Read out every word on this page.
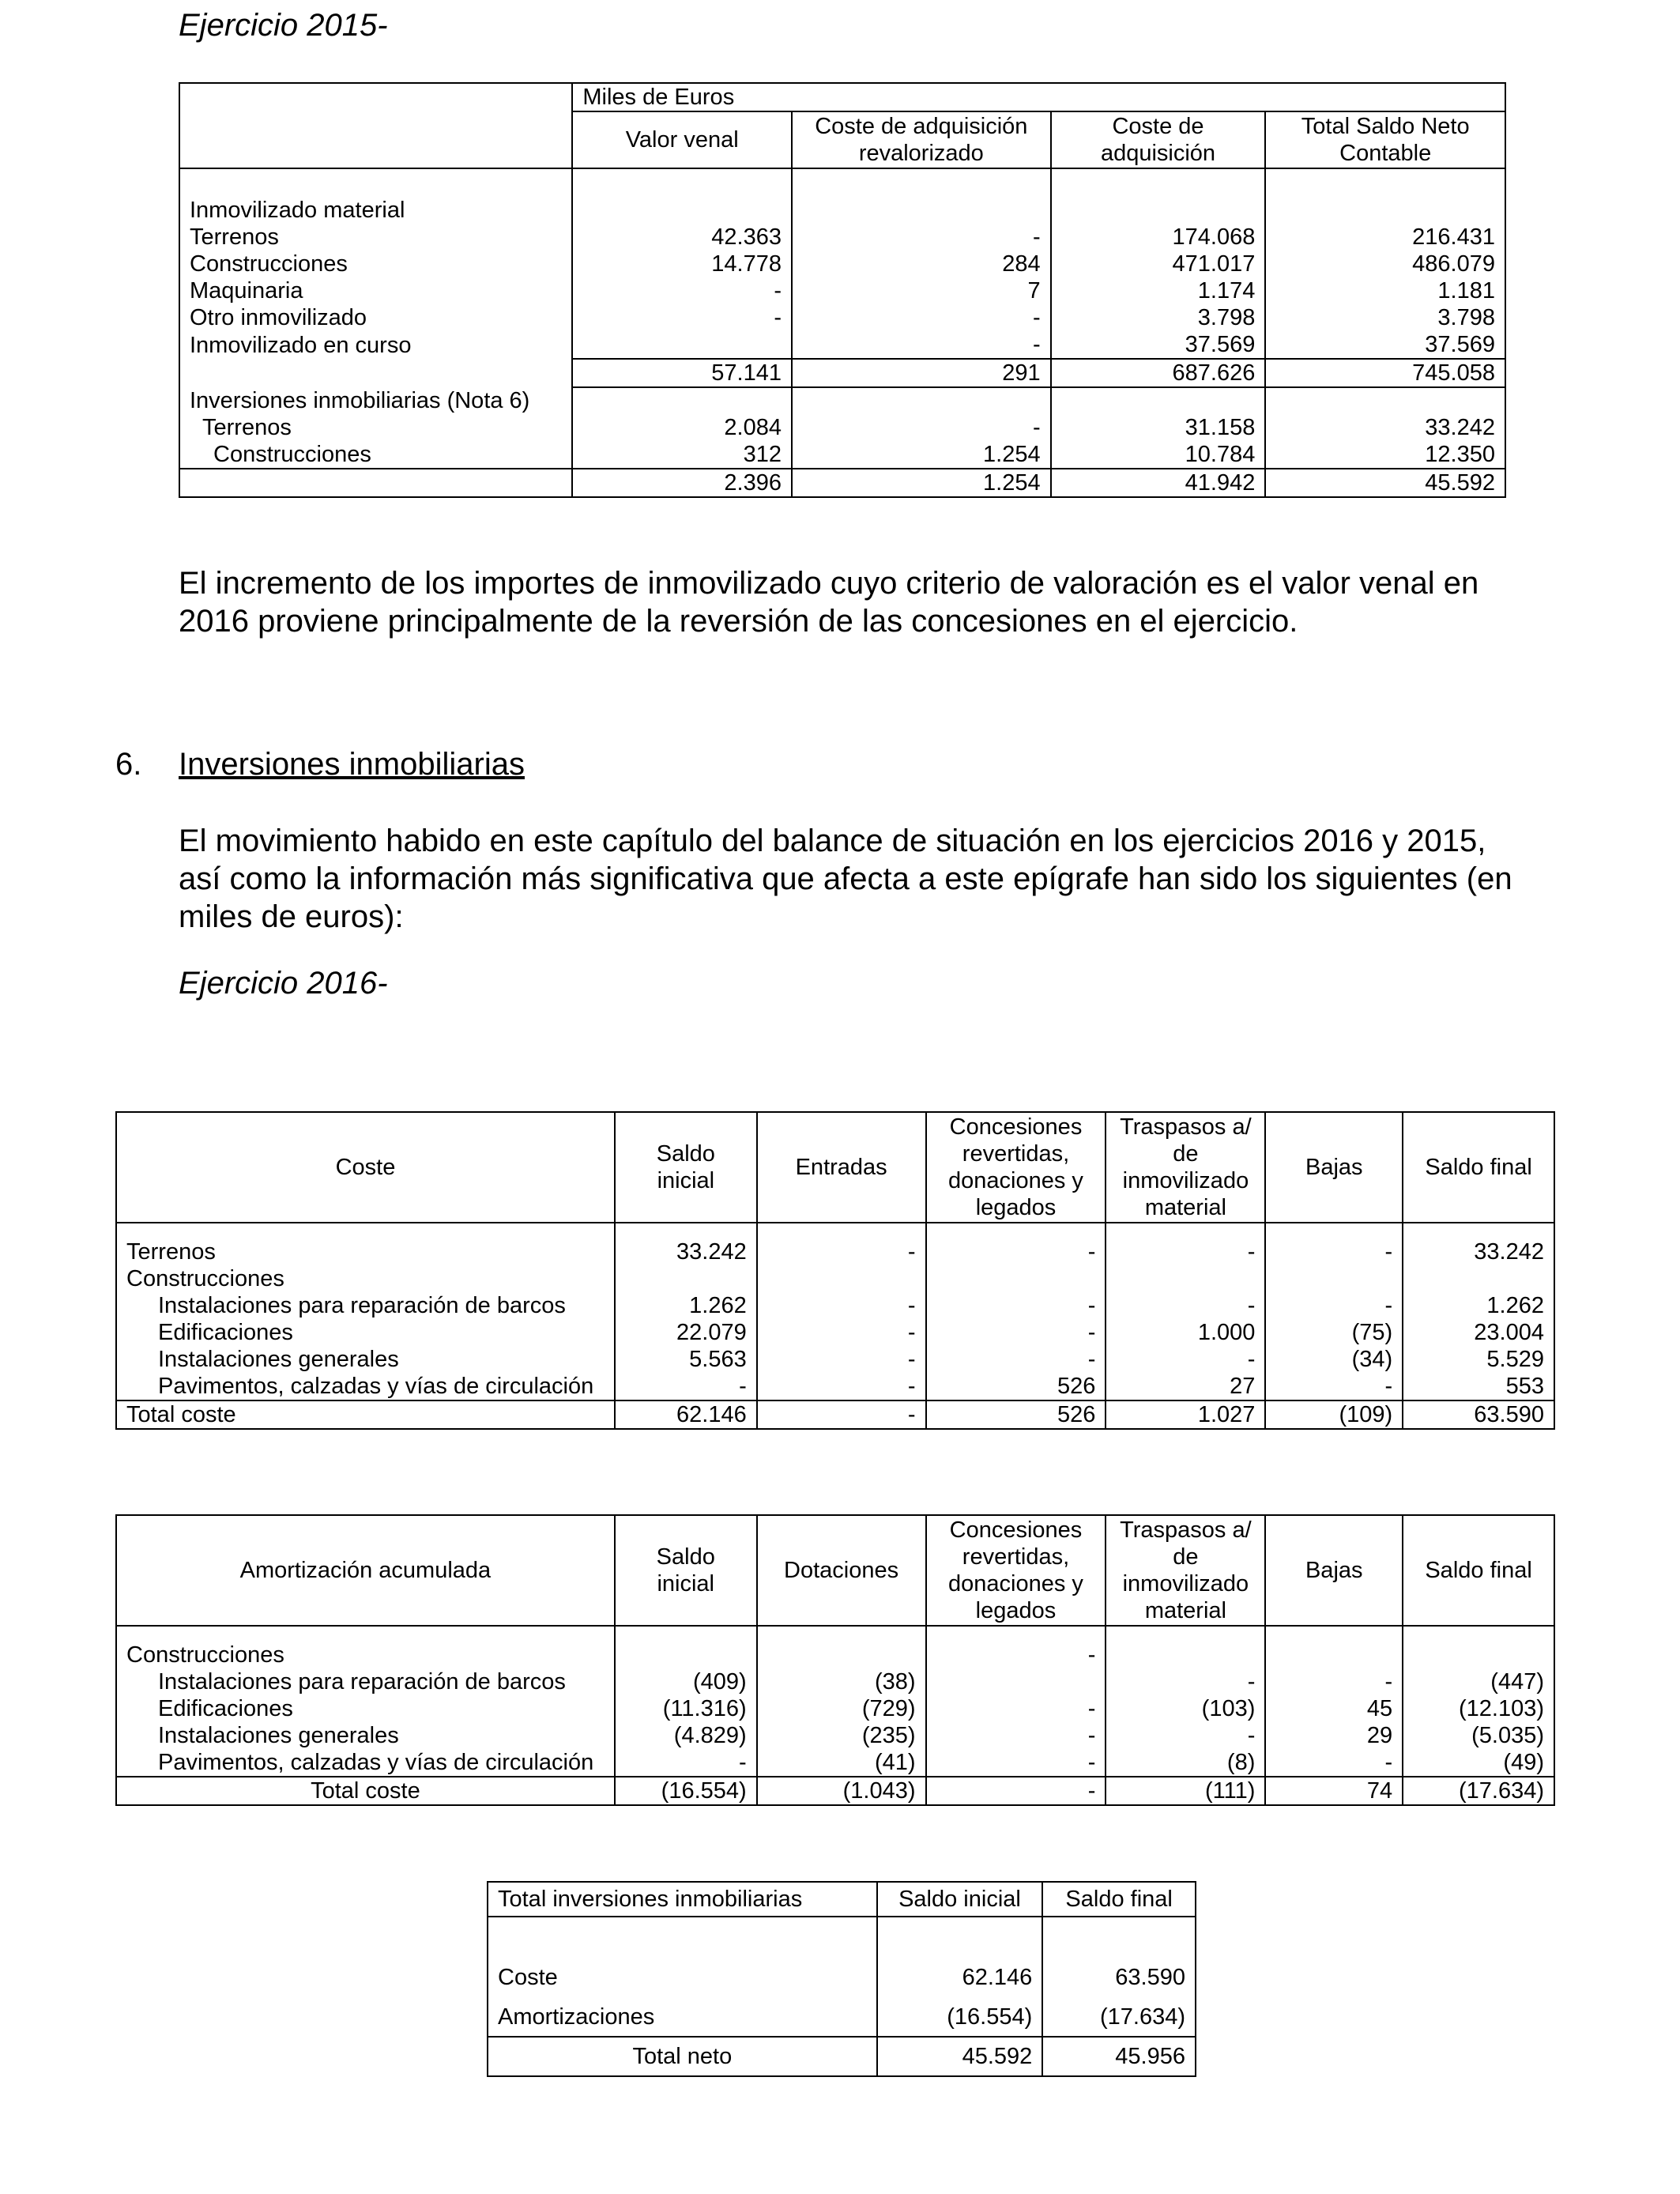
Ejercicio 2015-
	Miles de Euros			
	Valor venal	Coste de adquisición revalorizado	Coste de adquisición	Total Saldo Neto Contable

Inmovilizado material				
Terrenos	42.363	-	174.068	216.431
Construcciones	14.778	284	471.017	486.079
Maquinaria	-	7	1.174	1.181
Otro inmovilizado	-	-	3.798	3.798
Inmovilizado en curso		-	37.569	37.569
	57.141	291	687.626	745.058
Inversiones inmobiliarias (Nota 6)				
Terrenos	2.084	-	31.158	33.242
Construcciones	312	1.254	10.784	12.350
	2.396	1.254	41.942	45.592
El incremento de los importes de inmovilizado cuyo criterio de valoración es el valor venal en 2016 proviene principalmente de la reversión de las concesiones en el ejercicio.
6. Inversiones inmobiliarias
El movimiento habido en este capítulo del balance de situación en los ejercicios 2016 y 2015, así como la información más significativa que afecta a este epígrafe han sido los siguientes (en miles de euros):
Ejercicio 2016-
Coste	Saldo inicial	Entradas	Concesiones revertidas, donaciones y legados	Traspasos a/ de inmovilizado material	Bajas	Saldo final

Terrenos	33.242	-	-	-	-	33.242
Construcciones						
Instalaciones para reparación de barcos	1.262	-	-	-	-	1.262
Edificaciones	22.079	-	-	1.000	(75)	23.004
Instalaciones generales	5.563	-	-	-	(34)	5.529
Pavimentos, calzadas y vías de circulación	-	-	526	27	-	553
Total coste	62.146	-	526	1.027	(109)	63.590
Amortización acumulada	Saldo inicial	Dotaciones	Concesiones revertidas, donaciones y legados	Traspasos a/ de inmovilizado material	Bajas	Saldo final

Construcciones			-			
Instalaciones para reparación de barcos	(409)	(38)		-	-	(447)
Edificaciones	(11.316)	(729)	-	(103)	45	(12.103)
Instalaciones generales	(4.829)	(235)	-	-	29	(5.035)
Pavimentos, calzadas y vías de circulación	-	(41)	-	(8)	-	(49)
Total coste	(16.554)	(1.043)	-	(111)	74	(17.634)
Total inversiones inmobiliarias	Saldo inicial	Saldo final

Coste	62.146	63.590
Amortizaciones	(16.554)	(17.634)
Total neto	45.592	45.956
